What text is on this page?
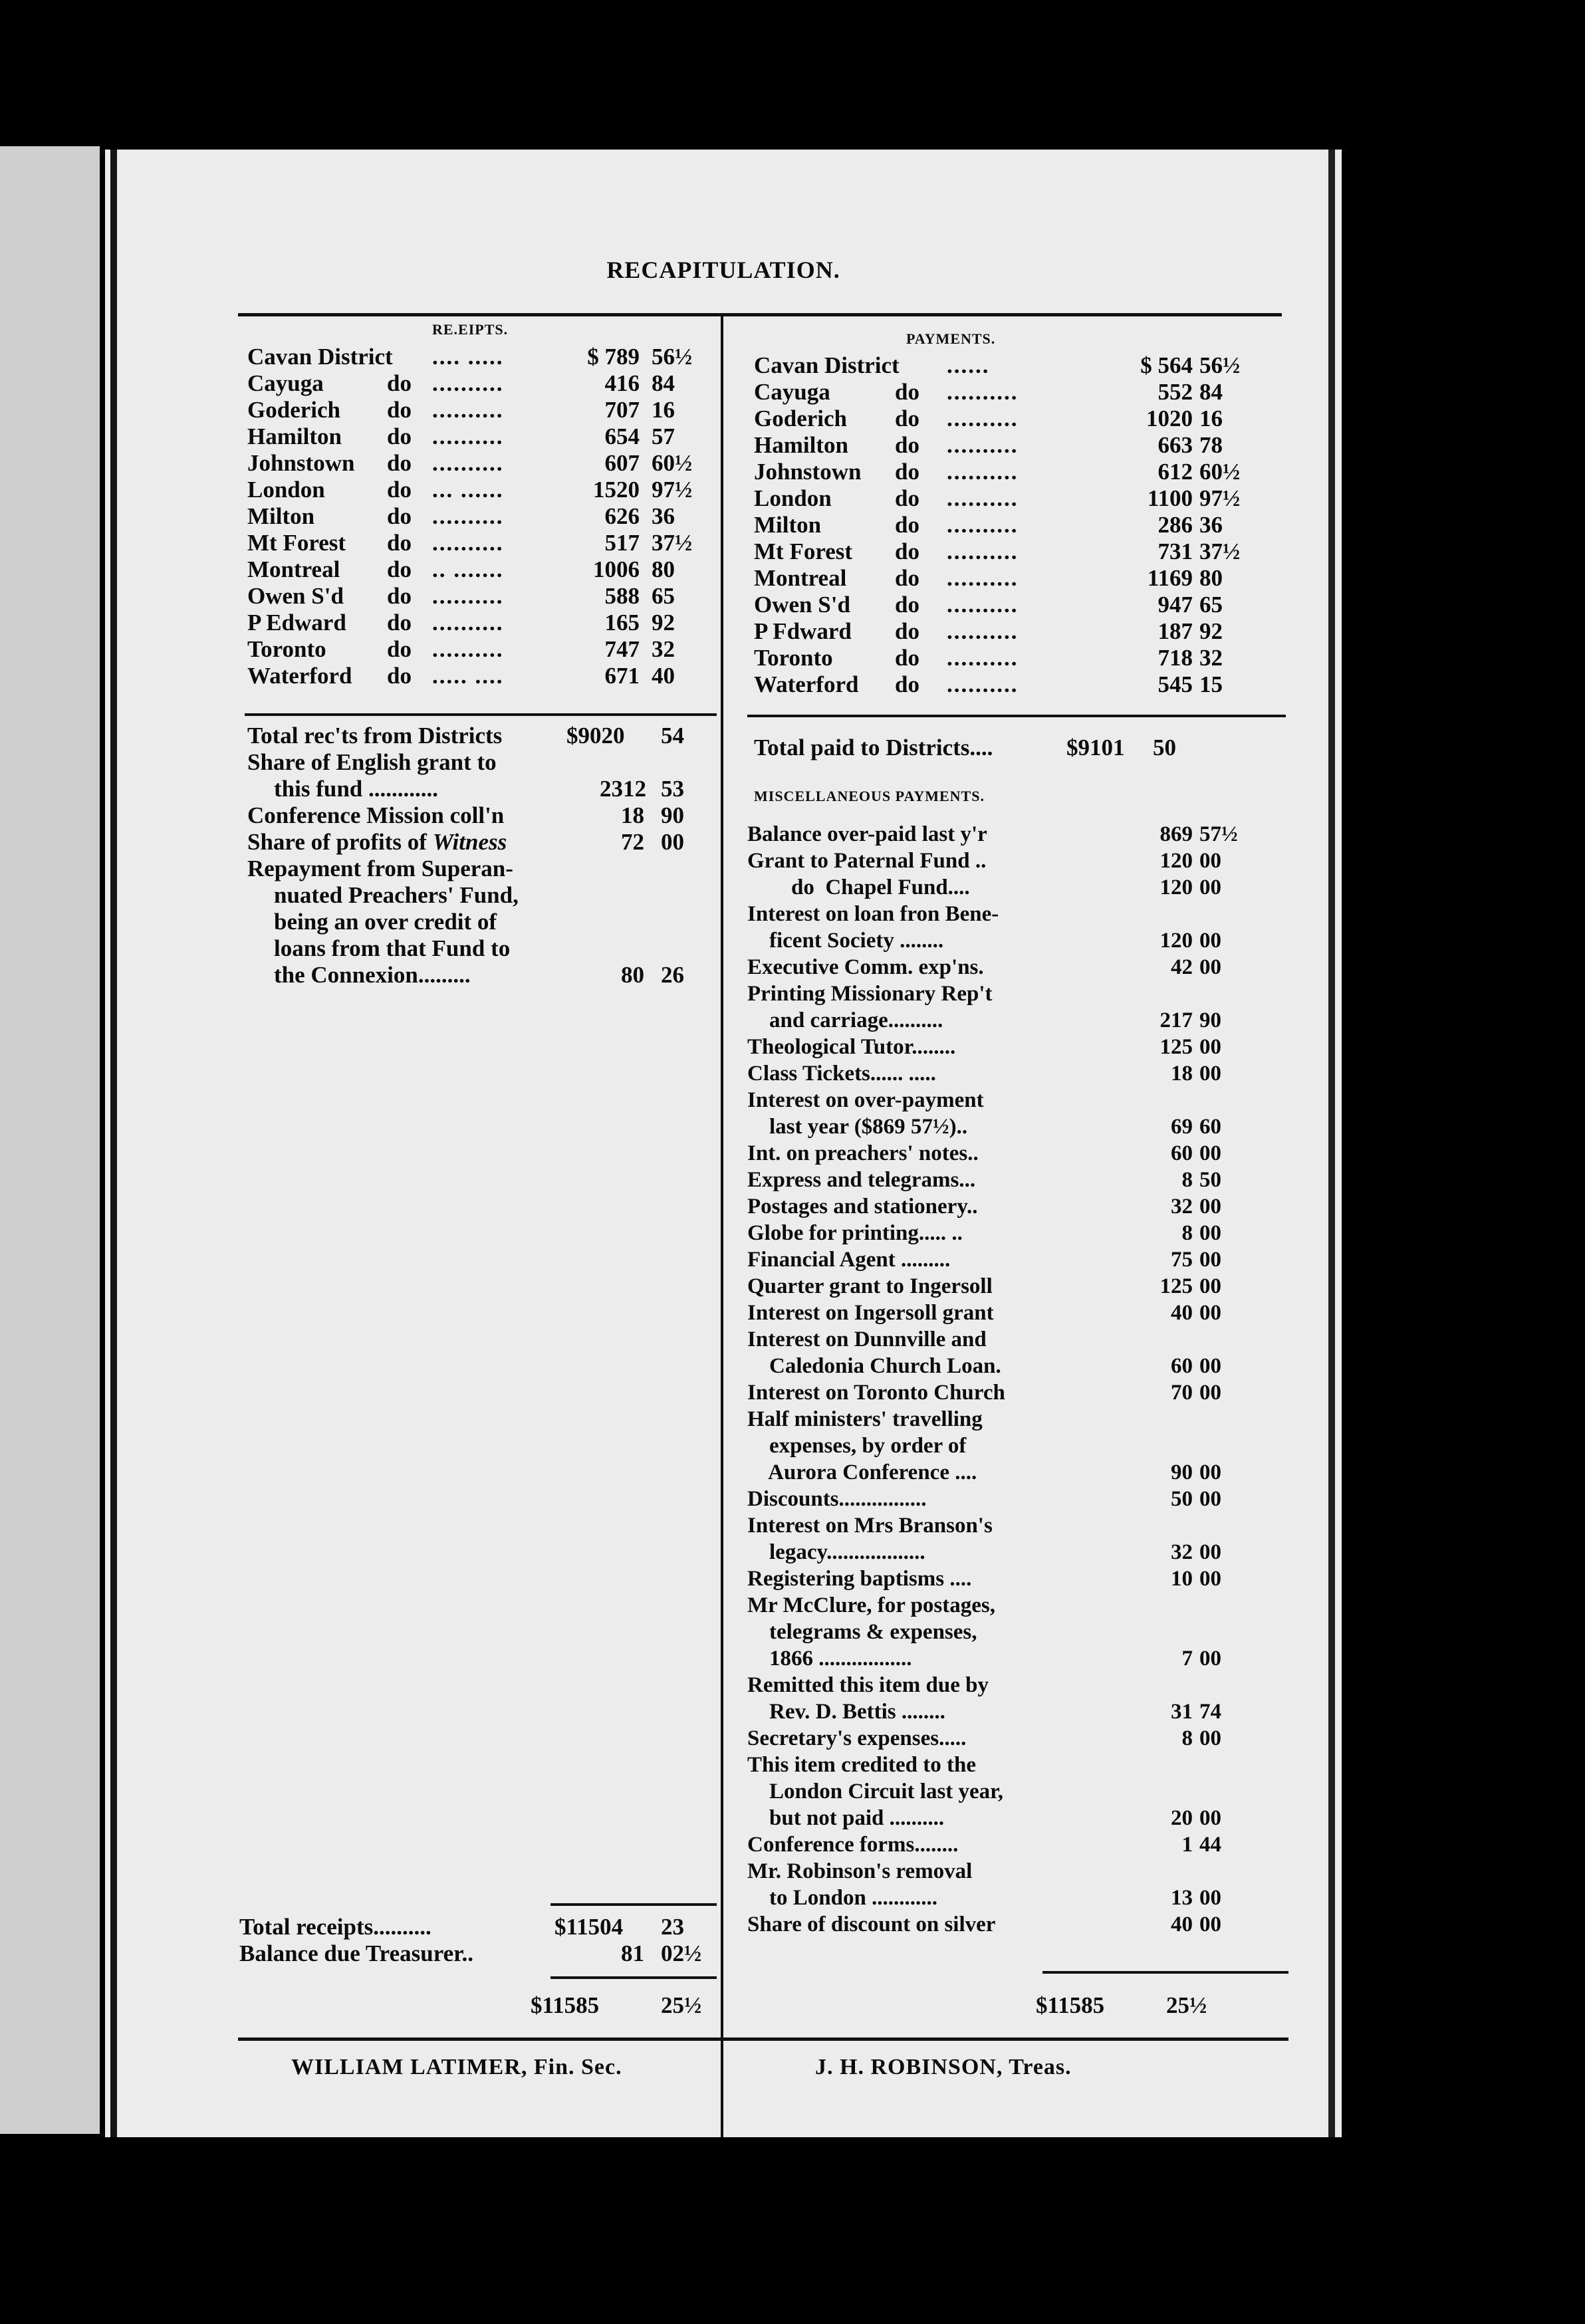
RECAPITULATION.
RE.EIPTS.
PAYMENTS.
Cavan District .... .....	$ 789 56½
Cayuga	do ..........	416 84
Goderich do ..........	707 16
Hamilton do ..........	654 57
Johnstown do ..........	607 60½
London	do ... ......	1520 97½
Milton	do ..........	626 36
Mt Forest do ..........	517 37½
Montreal do .. .......	1006 80
Owen S'd do ..........	588 65
P Edward do ..........	165 92
Toronto	do ..........	747 32
Waterford do ..... ....	671 40
Total rec'ts from Districts	$9020 54
Share of English grant to
this fund ............	2312 53
Conference Mission coll'n	18 90
Share of profits of Witness	72 00
Repayment from Superan-
nuated Preachers' Fund,
being an over credit of
loans from that Fund to
the Connexion.........	80 26
Total receipts..........	$11504 23
Balance due Treasurer..	81 02½
$11585	25½
Cavan District ......	$ 564 56½
Cayuga	do ..........	552 84
Goderich do ..........	1020 16
Hamilton do ..........	663 78
Johnstown do ..........	612 60½
London	do ..........	1100 97½
Milton	do ..........	286 36
Mt Forest do ..........	731 37½
Montreal do ..........	1169 80
Owen S'd do ..........	947 65
P Fdward do ..........	187 92
Toronto	do ..........	718 32
Waterford do ..........	545 15
Total paid to Districts....	$9101 50
MISCELLANEOUS PAYMENTS.
Balance over-paid last y'r	869 57½
Grant to Paternal Fund ..	120 00
do  Chapel Fund....	120 00
Interest on loan fron Bene-
ficent Society ........	120 00
Executive Comm. exp'ns.	42 00
Printing Missionary Rep't
and carriage..........	217 90
Theological Tutor........	125 00
Class Tickets...... .....	18 00
Interest on over-payment
last year ($869 57½)..	69 60
Int. on preachers' notes..	60 00
Express and telegrams...	8 50
Postages and stationery..	32 00
Globe for printing..... ..	8 00
Financial Agent .........	75 00
Quarter grant to Ingersoll	125 00
Interest on Ingersoll grant	40 00
Interest on Dunnville and
Caledonia Church Loan.	60 00
Interest on Toronto Church	70 00
Half ministers' travelling
expenses, by order of
Aurora Conference ....	90 00
Discounts................	50 00
Interest on Mrs Branson's
legacy..................	32 00
Registering baptisms ....	10 00
Mr McClure, for postages,
telegrams & expenses,
1866 .................	7 00
Remitted this item due by
Rev. D. Bettis ........	31 74
Secretary's expenses.....	8 00
This item credited to the
London Circuit last year,
but not paid ..........	20 00
Conference forms........	1 44
Mr. Robinson's removal
to London ............	13 00
Share of discount on silver	40 00
$11585	25½
WILLIAM LATIMER, Fin. Sec.	J. H. ROBINSON, Treas.
